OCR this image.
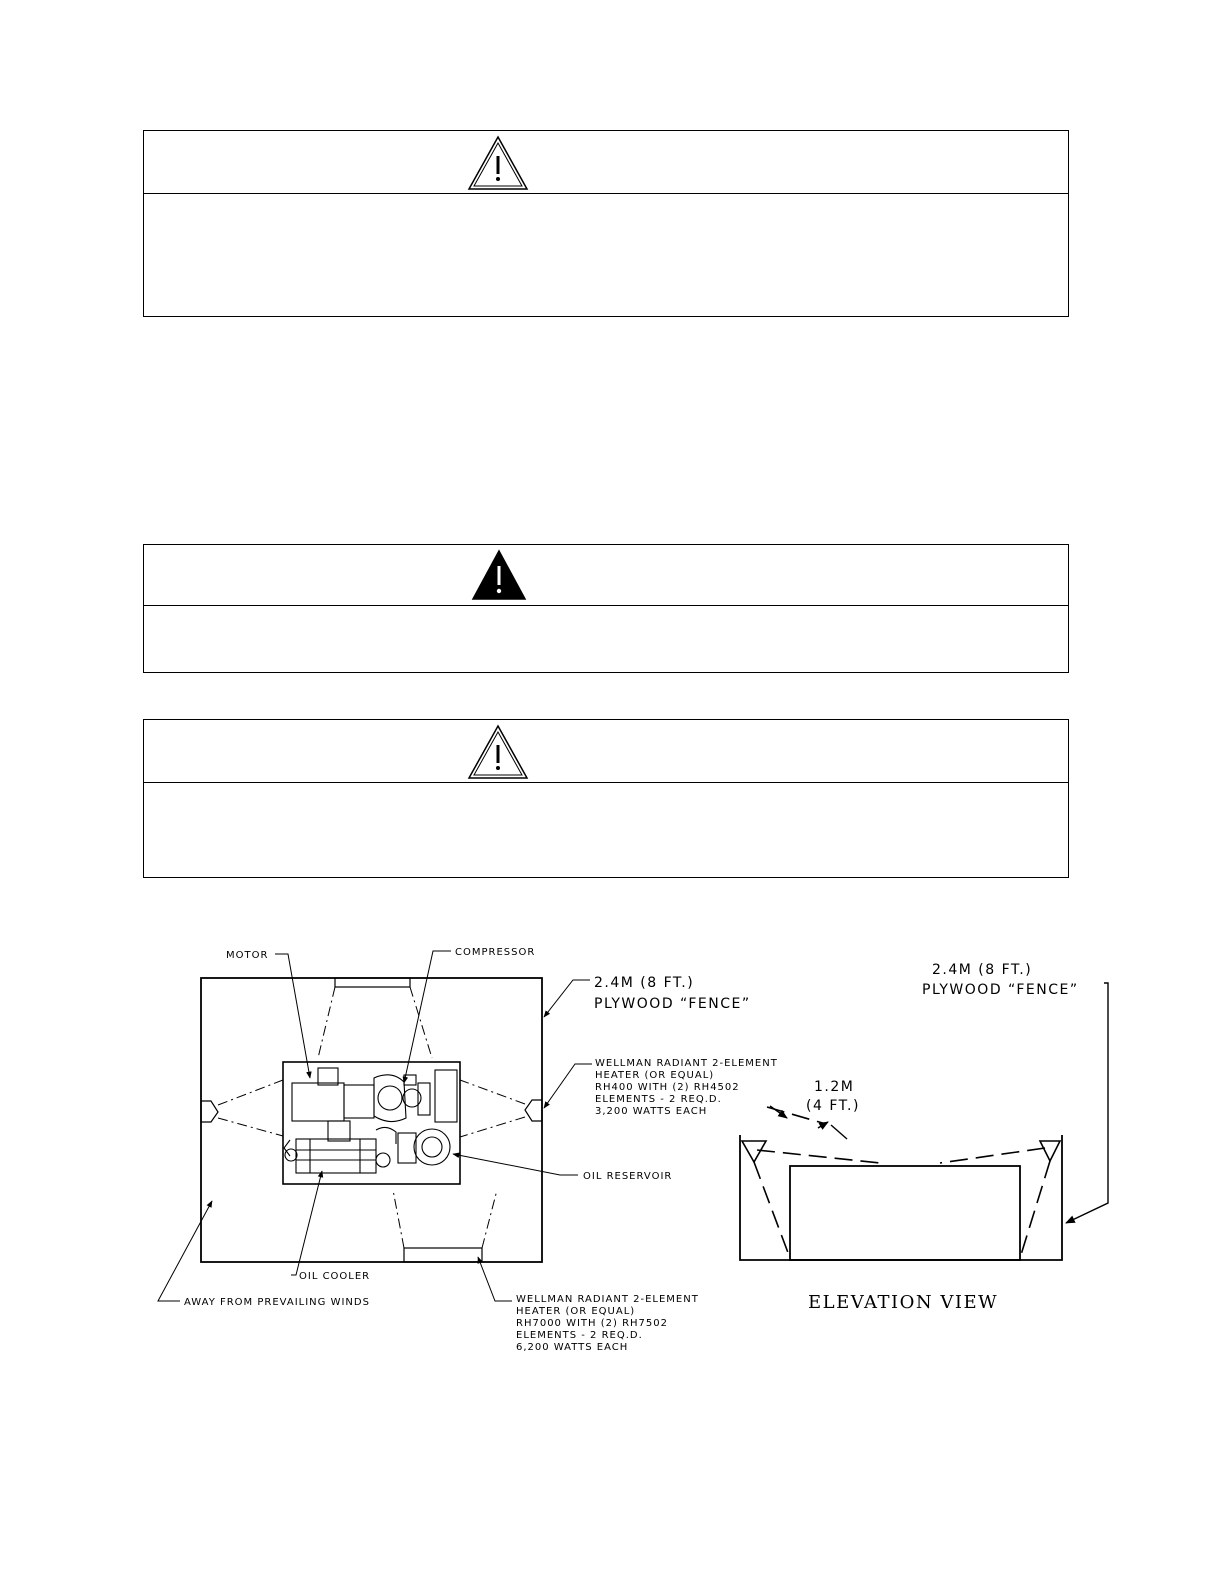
MOTOR	COMPRESSOR
2.4M (8 FT.)
PLYWOOD “FENCE”
WELLMAN RADIANT 2-ELEMENT
HEATER (OR EQUAL)
RH400 WITH (2) RH4502
ELEMENTS - 2 REQ.D.
3,200 WATTS EACH
OIL RESERVOIR
OIL COOLER
AWAY FROM PREVAILING WINDS	WELLMAN RADIANT 2-ELEMENT
HEATER (OR EQUAL)
RH7000 WITH (2) RH7502
ELEMENTS - 2 REQ.D.
6,200 WATTS EACH
1.2M
(4 FT.)
2.4M (8 FT.)
PLYWOOD “FENCE”
ELEVATION VIEW
